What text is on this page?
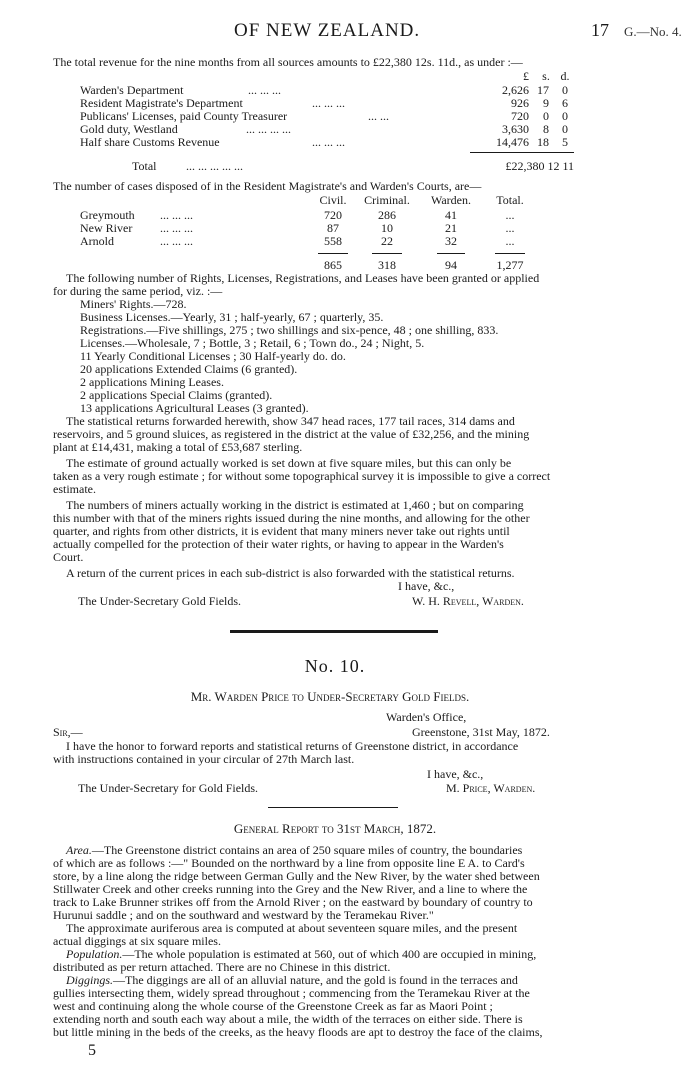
OF NEW ZEALAND.	17 G.—No. 4.
The total revenue for the nine months from all sources amounts to £22,380 12s. 11d., as under :—
£	s. d.
Warden's Department	... ... ...	2,626 17	0
Resident Magistrate's Department	... ... ...	926	9	6
Publicans' Licenses, paid County Treasurer	... ...	720	0	0
Gold duty, Westland	... ... ... ...	3,630	8	0
Half share Customs Revenue	... ... ...	14,476 18	5
Total ... ... ... ... ...	£22,380 12 11
The number of cases disposed of in the Resident Magistrate's and Warden's Courts, are—
Civil.	Criminal.	Warden.	Total.
Greymouth ... ... ...	720	286	41	...
New River ... ... ...	87	10	21	...
Arnold	... ... ...	558	22	32	...
865	318	94	1,277
The following number of Rights, Licenses, Registrations, and Leases have been granted or applied
for during the same period, viz. :—
Miners' Rights.—728.
Business Licenses.—Yearly, 31 ; half-yearly, 67 ; quarterly, 35.
Registrations.—Five shillings, 275 ; two shillings and six-pence, 48 ; one shilling, 833.
Licenses.—Wholesale, 7 ; Bottle, 3 ; Retail, 6 ; Town do., 24 ; Night, 5.
11 Yearly Conditional Licenses ; 30 Half-yearly do. do.
20 applications Extended Claims (6 granted).
2 applications Mining Leases.
2 applications Special Claims (granted).
13 applications Agricultural Leases (3 granted).
The statistical returns forwarded herewith, show 347 head races, 177 tail races, 314 dams and
reservoirs, and 5 ground sluices, as registered in the district at the value of £32,256, and the mining
plant at £14,431, making a total of £53,687 sterling.
The estimate of ground actually worked is set down at five square miles, but this can only be
taken as a very rough estimate ; for without some topographical survey it is impossible to give a correct
estimate.
The numbers of miners actually working in the district is estimated at 1,460 ; but on comparing
this number with that of the miners rights issued during the nine months, and allowing for the other
quarter, and rights from other districts, it is evident that many miners never take out rights until
actually compelled for the protection of their water rights, or having to appear in the Warden's
Court.
A return of the current prices in each sub-district is also forwarded with the statistical returns.
I have, &c.,
The Under-Secretary Gold Fields.	W. H. Revell, Warden.
No. 10.
Mr. Warden Price to Under-Secretary Gold Fields.
Warden's Office,
Sir,—	Greenstone, 31st May, 1872.
I have the honor to forward reports and statistical returns of Greenstone district, in accordance
with instructions contained in your circular of 27th March last.
I have, &c.,
The Under-Secretary for Gold Fields.	M. Price, Warden.
General Report to 31st March, 1872.
Area.—The Greenstone district contains an area of 250 square miles of country, the boundaries
of which are as follows :—" Bounded on the northward by a line from opposite line E A. to Card's
store, by a line along the ridge between German Gully and the New River, by the water shed between
Stillwater Creek and other creeks running into the Grey and the New River, and a line to where the
track to Lake Brunner strikes off from the Arnold River ; on the eastward by boundary of country to
Hurunui saddle ; and on the southward and westward by the Teramekau River."
The approximate auriferous area is computed at about seventeen square miles, and the present
actual diggings at six square miles.
Population.—The whole population is estimated at 560, out of which 400 are occupied in mining,
distributed as per return attached. There are no Chinese in this district.
Diggings.—The diggings are all of an alluvial nature, and the gold is found in the terraces and
gullies intersecting them, widely spread throughout ; commencing from the Teramekau River at the
west and continuing along the whole course of the Greenstone Creek as far as Maori Point ;
extending north and south each way about a mile, the width of the terraces on either side. There is
but little mining in the beds of the creeks, as the heavy floods are apt to destroy the face of the claims,
5
